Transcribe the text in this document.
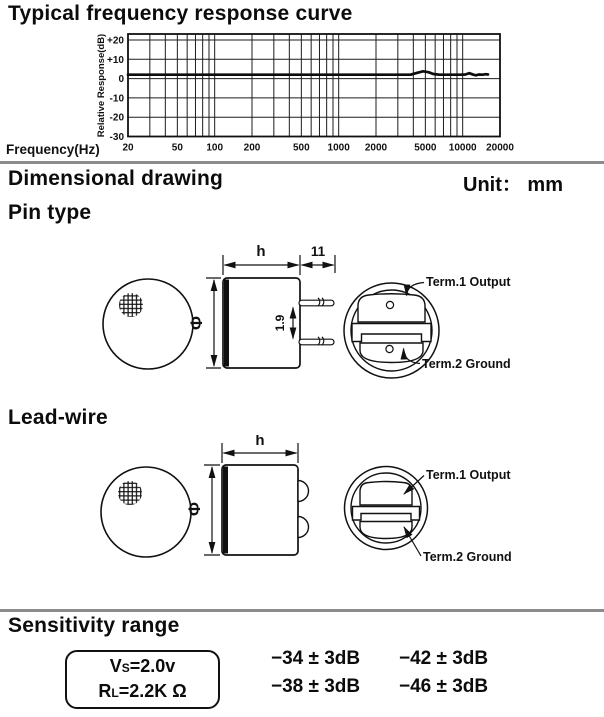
Typical frequency response curve
+20
+10
0
-10
-20
-30
20	50 100 200	500 1000 2000	5000 10000 20000
Relative Response(dB)
Frequency(Hz)
Dimensional drawing	Unit： mm
Pin type
h	11
1.9
Φ
Term.1 Output
Term.2 Ground
Lead-wire
h
Φ
Term.1 Output
Term.2 Ground
Sensitivity range
VS=2.0v
RL=2.2K Ω
−34 ± 3dB	−42 ± 3dB
−38 ± 3dB	−46 ± 3dB
